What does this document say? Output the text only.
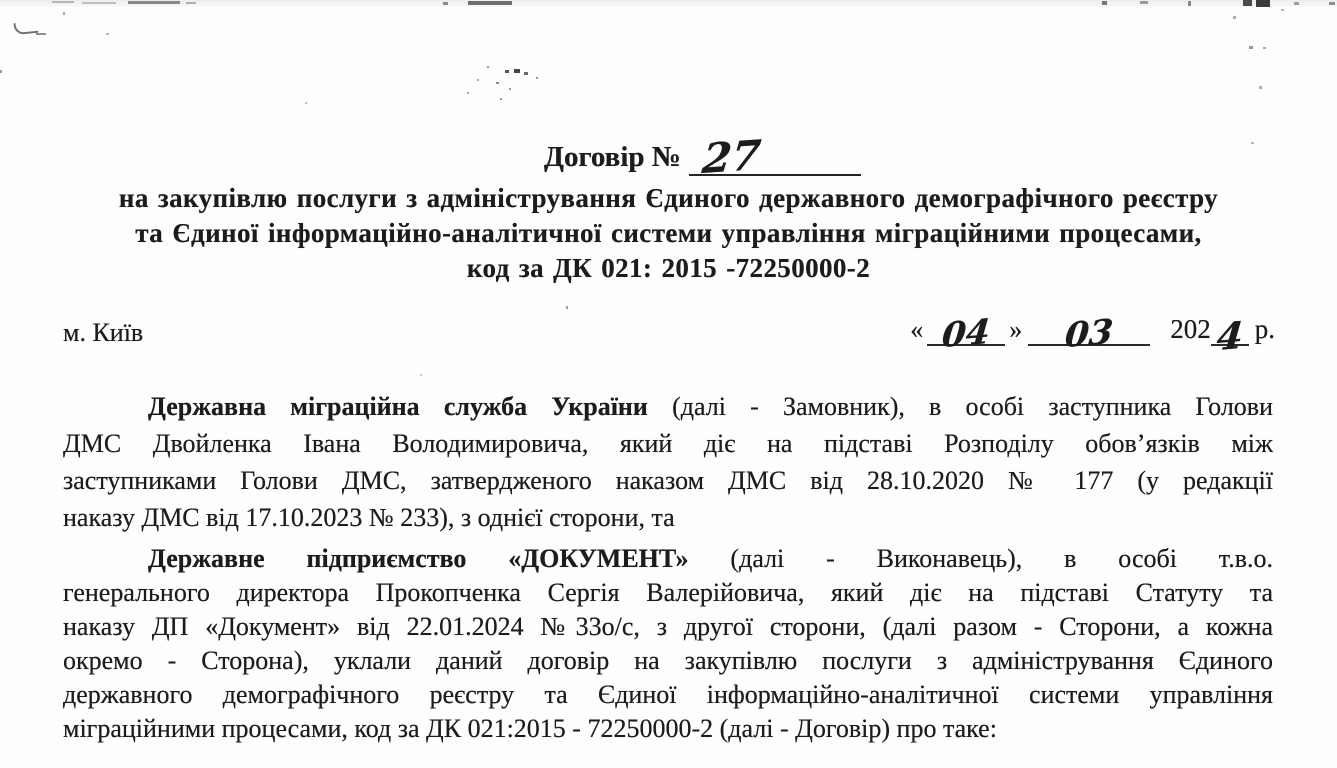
Договір № 27
на закупівлю послуги з адміністрування Єдиного державного демографічного реєстру
та Єдиної інформаційно-аналітичної системи управління міграційними процесами,
код за ДК 021: 2015 -72250000-2
м. Київ	« 04 » 03 202 4 р.
Державна міграційна служба України (далі - Замовник), в особі заступника Голови
ДМС Двойленка Івана Володимировича, який діє на підставі Розподілу обов’язків між
заступниками Голови ДМС, затвердженого наказом ДМС від 28.10.2020 № 177 (у редакції
наказу ДМС від 17.10.2023 № 233), з однієї сторони, та
Державне підприємство «ДОКУМЕНТ» (далі - Виконавець), в особі т.в.о.
генерального директора Прокопченка Сергія Валерійовича, який діє на підставі Статуту та
наказу ДП «Документ» від 22.01.2024 №33о/с, з другої сторони, (далі разом - Сторони, а кожна
окремо - Сторона), уклали даний договір на закупівлю послуги з адміністрування Єдиного
державного демографічного реєстру та Єдиної інформаційно-аналітичної системи управління
міграційними процесами, код за ДК 021:2015 - 72250000-2 (далі - Договір) про таке:
